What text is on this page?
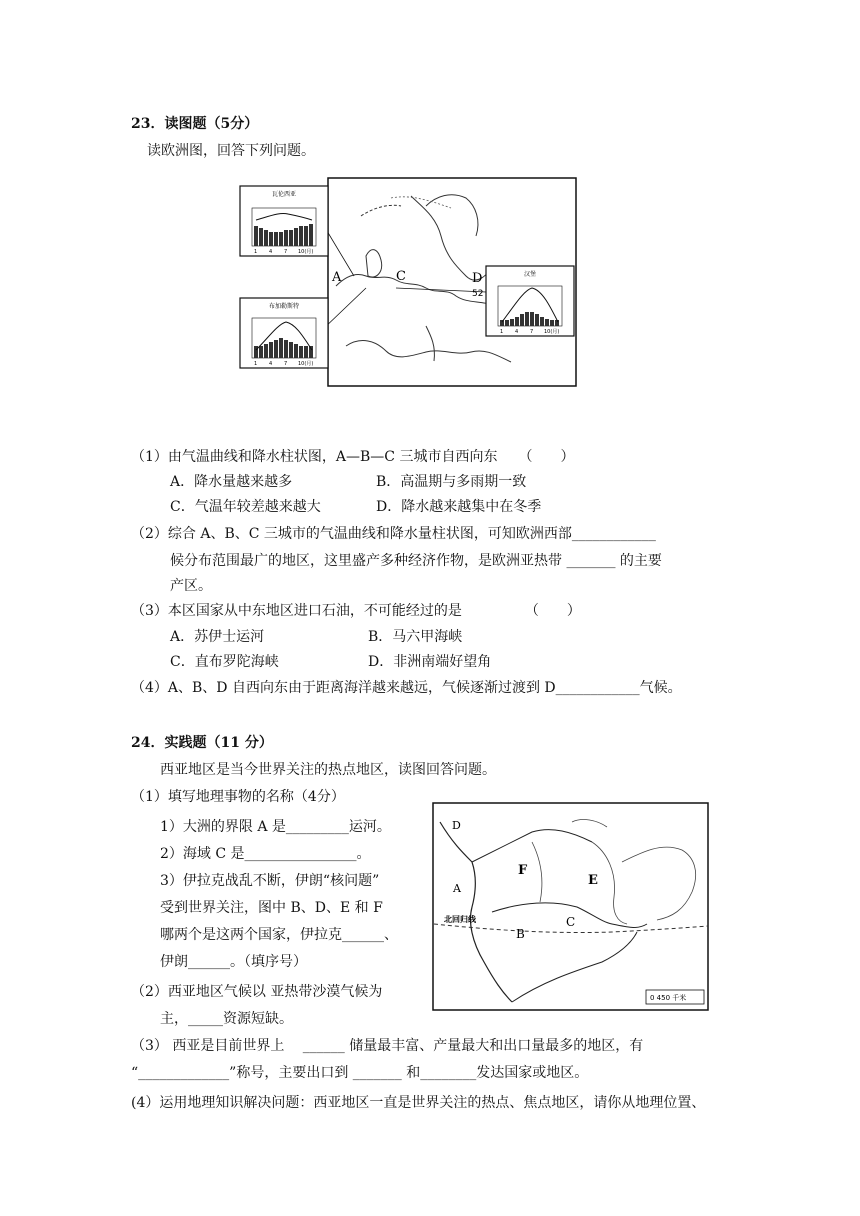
23．读图题（5分）
读欧洲图，回答下列问题。
A	C	D
52
瓦伦西亚
1 4 7 10(月)
布加勒斯特
1 4 7 10(月)
汉堡
1 4 7 10(月)
（1）由气温曲线和降水柱状图，A—B—C 三城市自西向东　　（　　）
A．降水量越来越多	B．高温期与多雨期一致
C．气温年较差越来越大	D．降水越来越集中在冬季
（2）综合 A、B、C 三城市的气温曲线和降水量柱状图，可知欧洲西部____________
候分布范围最广的地区，这里盛产多种经济作物，是欧洲亚热带 _______ 的主要
产区。
（3）本区国家从中东地区进口石油，不可能经过的是　　　　　（　　）
A．苏伊士运河	B．马六甲海峡
C．直布罗陀海峡	D．非洲南端好望角
（4）A、B、D 自西向东由于距离海洋越来越远，气候逐渐过渡到 D____________气候。
24．实践题（11 分）
西亚地区是当今世界关注的热点地区，读图回答问题。
（1）填写地理事物的名称（4分）
1）大洲的界限 A 是_________运河。
2）海域 C 是________________。
3）伊拉克战乱不断，伊朗“核问题”
受到世界关注，图中 B、D、E 和 F
哪两个是这两个国家，伊拉克______、
伊朗______。（填序号）
（2）西亚地区气候以 亚热带沙漠气候为
主，_____资源短缺。
（3） 西亚是目前世界上　 ______ 储量最丰富、产量最大和出口量最多的地区，有
“_____________”称号，主要出口到 _______ 和________发达国家或地区。
(4）运用地理知识解决问题：西亚地区一直是世界关注的热点、焦点地区，请你从地理位置、
北回归线
D
F
E
A
B
C
0 450 千米
